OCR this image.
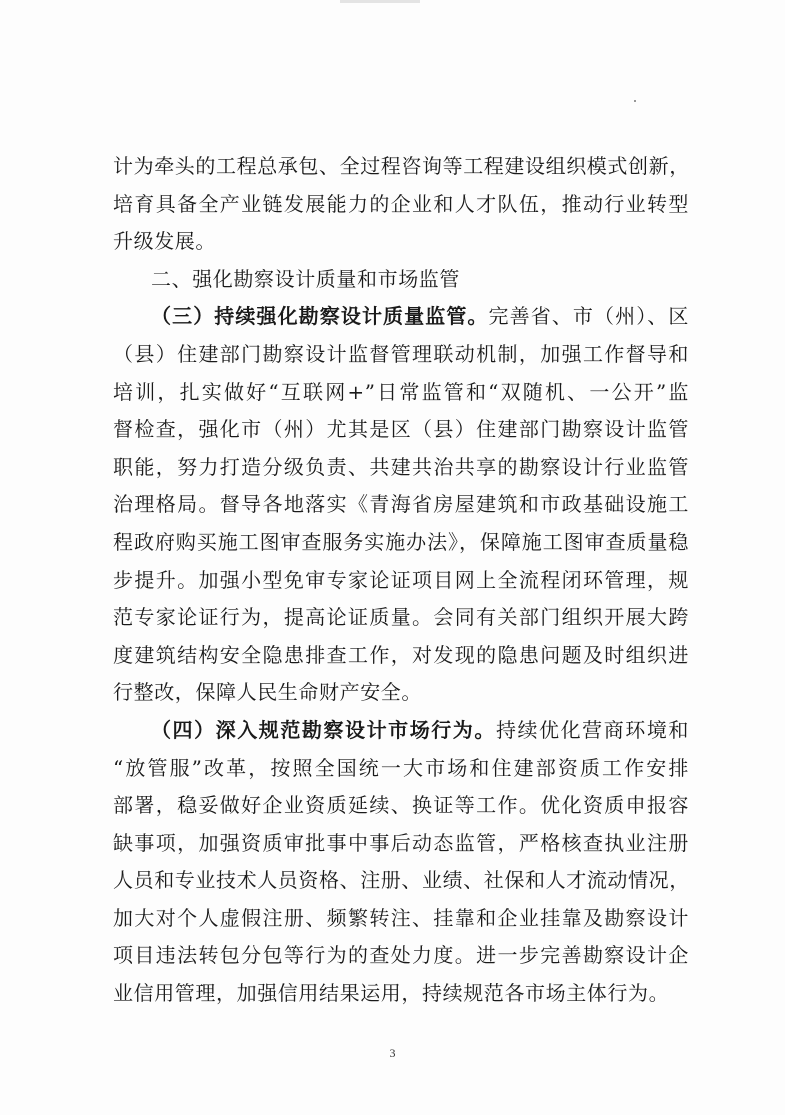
计为牵头的工程总承包、全过程咨询等工程建设组织模式创新，
培育具备全产业链发展能力的企业和人才队伍，推动行业转型
升级发展。
二、强化勘察设计质量和市场监管
（三）持续强化勘察设计质量监管。完善省、市（州）、区
（县）住建部门勘察设计监督管理联动机制，加强工作督导和
培训，扎实做好“互联网+”日常监管和“双随机、一公开”监
督检查，强化市（州）尤其是区（县）住建部门勘察设计监管
职能，努力打造分级负责、共建共治共享的勘察设计行业监管
治理格局。督导各地落实《青海省房屋建筑和市政基础设施工
程政府购买施工图审查服务实施办法》，保障施工图审查质量稳
步提升。加强小型免审专家论证项目网上全流程闭环管理，规
范专家论证行为，提高论证质量。会同有关部门组织开展大跨
度建筑结构安全隐患排查工作，对发现的隐患问题及时组织进
行整改，保障人民生命财产安全。
（四）深入规范勘察设计市场行为。持续优化营商环境和
“放管服”改革，按照全国统一大市场和住建部资质工作安排
部署，稳妥做好企业资质延续、换证等工作。优化资质申报容
缺事项，加强资质审批事中事后动态监管，严格核查执业注册
人员和专业技术人员资格、注册、业绩、社保和人才流动情况，
加大对个人虚假注册、频繁转注、挂靠和企业挂靠及勘察设计
项目违法转包分包等行为的查处力度。进一步完善勘察设计企
业信用管理，加强信用结果运用，持续规范各市场主体行为。
3
